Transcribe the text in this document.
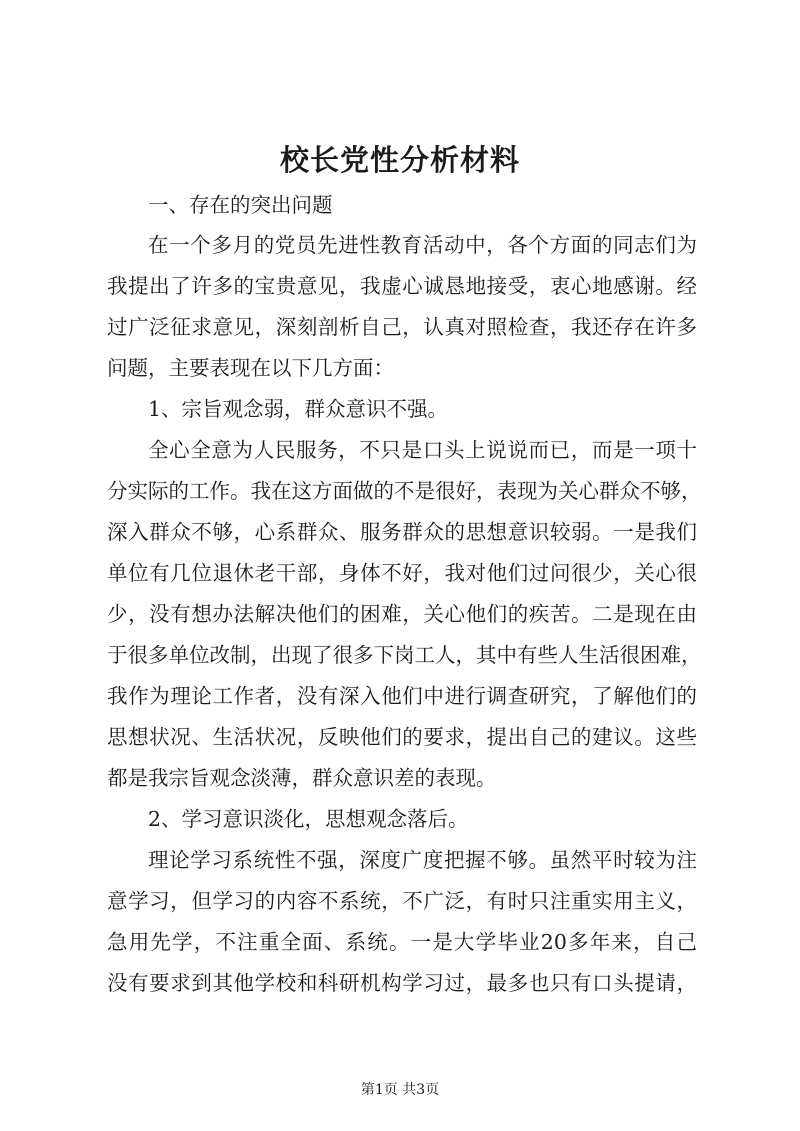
校长党性分析材料
一、存在的突出问题
在一个多月的党员先进性教育活动中，各个方面的同志们为
我提出了许多的宝贵意见，我虚心诚恳地接受，衷心地感谢。经
过广泛征求意见，深刻剖析自己，认真对照检查，我还存在许多
问题，主要表现在以下几方面：
1、宗旨观念弱，群众意识不强。
全心全意为人民服务，不只是口头上说说而已，而是一项十
分实际的工作。我在这方面做的不是很好，表现为关心群众不够，
深入群众不够，心系群众、服务群众的思想意识较弱。一是我们
单位有几位退休老干部，身体不好，我对他们过问很少，关心很
少，没有想办法解决他们的困难，关心他们的疾苦。二是现在由
于很多单位改制，出现了很多下岗工人，其中有些人生活很困难，
我作为理论工作者，没有深入他们中进行调查研究，了解他们的
思想状况、生活状况，反映他们的要求，提出自己的建议。这些
都是我宗旨观念淡薄，群众意识差的表现。
2、学习意识淡化，思想观念落后。
理论学习系统性不强，深度广度把握不够。虽然平时较为注
意学习，但学习的内容不系统，不广泛，有时只注重实用主义，
急用先学，不注重全面、系统。一是大学毕业20多年来，自己
没有要求到其他学校和科研机构学习过，最多也只有口头提请，
第1页 共3页
